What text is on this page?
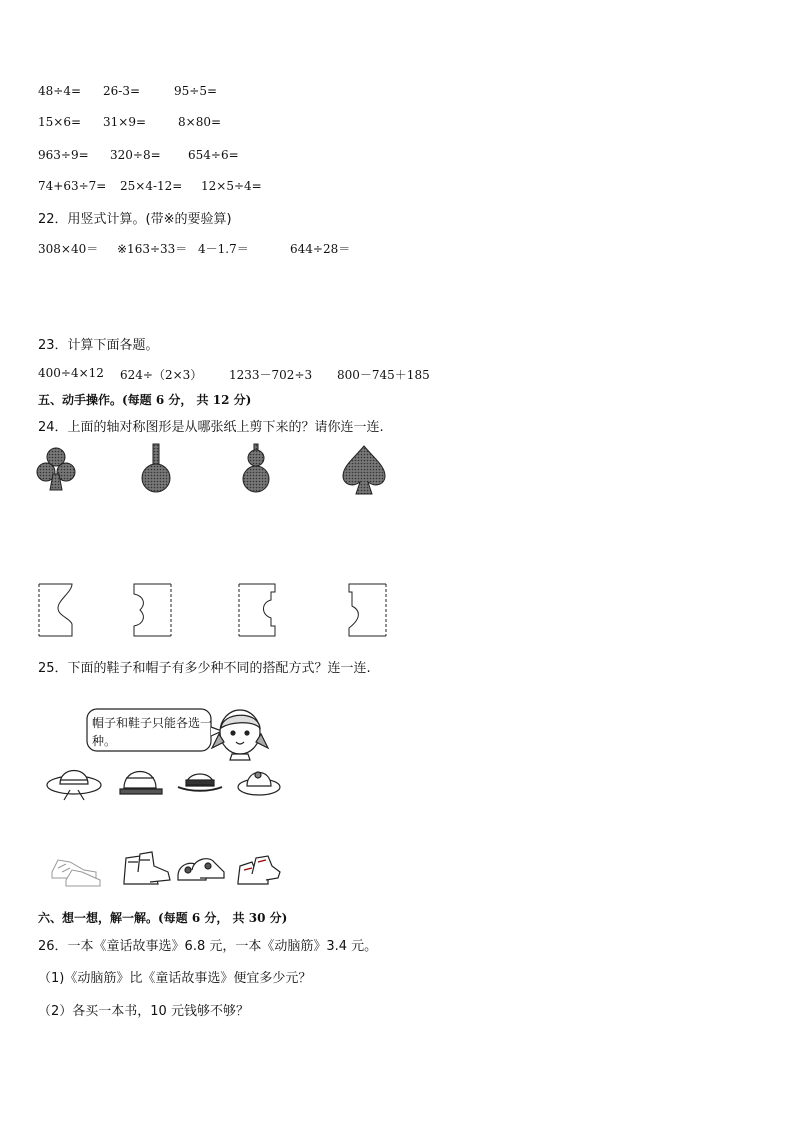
48÷4= 26-3=	95÷5=
15×6= 31×9=	8×80=
963÷9= 320÷8= 654÷6=
74+63÷7= 25×4-12= 12×5÷4=
22．用竖式计算。(带※的要验算)
308×40＝ ※163÷33＝ 4－1.7＝	644÷28＝
23．计算下面各题。
400÷4×12 624÷（2×3） 1233－702÷3 800－745＋185
五、动手操作。(每题 6 分， 共 12 分)
24．上面的轴对称图形是从哪张纸上剪下来的？请你连一连.
25．下面的鞋子和帽子有多少种不同的搭配方式？连一连.
帽子和鞋子只能各选一种。
六、想一想，解一解。(每题 6 分， 共 30 分)
26．一本《童话故事选》6.8 元，一本《动脑筋》3.4 元。
（1)《动脑筋》比《童话故事选》便宜多少元？
（2）各买一本书，10 元钱够不够？
